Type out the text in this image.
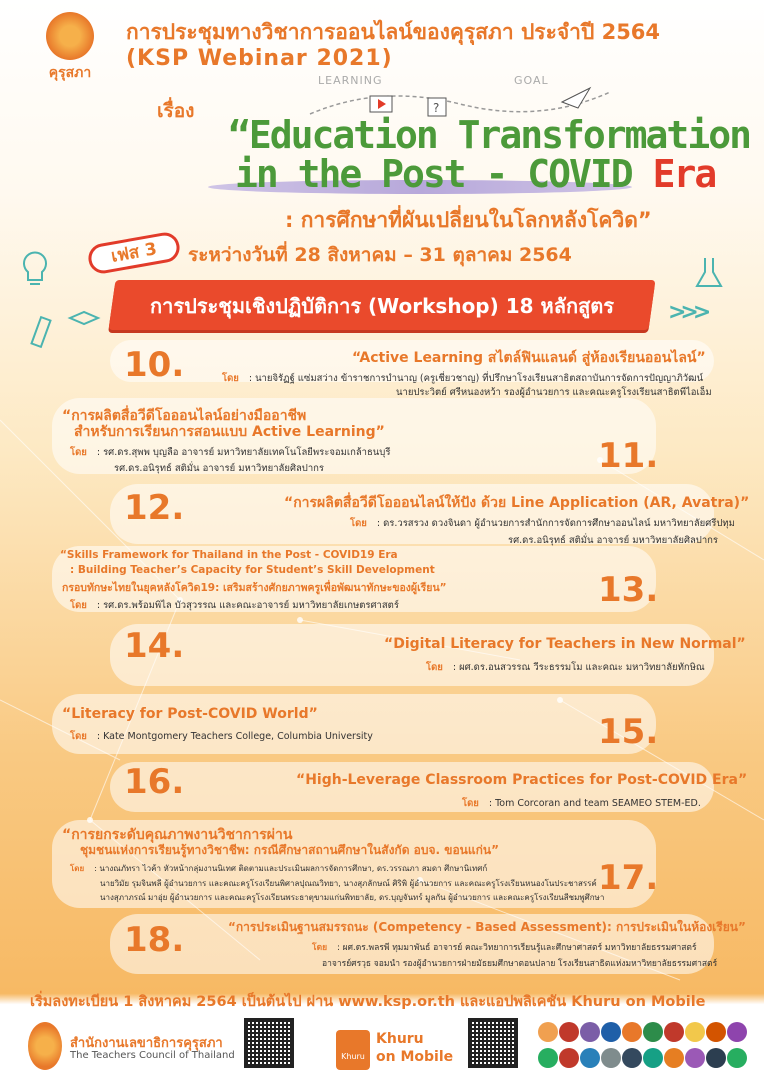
คุรุสภา
การประชุมทางวิชาการออนไลน์ของคุรุสภา ประจำปี 2564
(KSP Webinar 2021)
LEARNING	GOAL
?
เรื่อง
“Education Transformation
in the Post - COVID Era
: การศึกษาที่ผันเปลี่ยนในโลกหลังโควิด”
เฟส 3	ระหว่างวันที่ 28 สิงหาคม – 31 ตุลาคม 2564
การประชุมเชิงปฏิบัติการ (Workshop) 18 หลักสูตร	>>>
10.	“Active Learning สไตล์ฟินแลนด์ สู่ห้องเรียนออนไลน์”
โดย : นายจิรัฏฐ์ แซ่มสว่าง ข้าราชการบำนาญ (ครูเชี่ยวชาญ) ที่ปรึกษาโรงเรียนสาธิตสถาบันการจัดการปัญญาภิวัฒน์
นายประวิตย์ ศรีหนองหว้า รองผู้อำนวยการ และคณะครูโรงเรียนสาธิตพีไอเอ็ม
“การผลิตสื่อวีดีโอออนไลน์อย่างมืออาชีพ
สำหรับการเรียนการสอนแบบ Active Learning”
โดย : รศ.ดร.สุพพ บุญลือ อาจารย์ มหาวิทยาลัยเทคโนโลยีพระจอมเกล้าธนบุรี
รศ.ดร.อนิรุทธ์ สติมั่น อาจารย์ มหาวิทยาลัยศิลปากร	11.
12.	“การผลิตสื่อวีดีโอออนไลน์ให้ปัง ด้วย Line Application (AR, Avatra)”
โดย : ดร.วรสรวง ดวงจินดา ผู้อำนวยการสำนักการจัดการศึกษาออนไลน์ มหาวิทยาลัยศรีปทุม
รศ.ดร.อนิรุทธ์ สติมั่น อาจารย์ มหาวิทยาลัยศิลปากร
“Skills Framework for Thailand in the Post - COVID19 Era
: Building Teacher’s Capacity for Student’s Skill Development
กรอบทักษะไทยในยุคหลังโควิด19: เสริมสร้างศักยภาพครูเพื่อพัฒนาทักษะของผู้เรียน”
โดย : รศ.ดร.พร้อมพิไล บัวสุวรรณ และคณะอาจารย์ มหาวิทยาลัยเกษตรศาสตร์	13.
14.	“Digital Literacy for Teachers in New Normal”
โดย : ผศ.ดร.อนสวรรณ วีระธรรมโม และคณะ มหาวิทยาลัยทักษิณ
“Literacy for Post-COVID World”
โดย : Kate Montgomery Teachers College, Columbia University	15.
16.	“High-Leverage Classroom Practices for Post-COVID Era”
โดย : Tom Corcoran and team SEAMEO STEM-ED.
“การยกระดับคุณภาพงานวิชาการผ่าน
ชุมชนแห่งการเรียนรู้ทางวิชาชีพ: กรณีศึกษาสถานศึกษาในสังกัด อบจ. ขอนแก่น”
โดย : นางณภัทรา ไวค้า หัวหน้ากลุ่มงานนิเทศ ติดตามและประเมินผลการจัดการศึกษา, ดร.วรรณภา สมดา ศึกษานิเทศก์
นายวิมัย รุมจินพลี ผู้อำนวยการ และคณะครูโรงเรียนพิศาลปุณณวิทยา, นางสุภลักษณ์ ศิริพิ ผู้อำนวยการ และคณะครูโรงเรียนหนองโนประชาสรรค์
นางสุภาภรณ์ มาอุ่ย ผู้อำนวยการ และคณะครูโรงเรียนพระธาตุขามแก่นพิทยาลัย, ดร.บุญจันทร์ มูลกัน ผู้อำนวยการ และคณะครูโรงเรียนสีชมพูศึกษา
17.
18.	“การประเมินฐานสมรรถนะ (Competency - Based Assessment): การประเมินในห้องเรียน”
โดย : ผศ.ดร.พลรพี ทุมมาพันธ์ อาจารย์ คณะวิทยาการเรียนรู้และศึกษาศาสตร์ มหาวิทยาลัยธรรมศาสตร์
อาจารย์ศรวุธ จอมนำ รองผู้อำนวยการฝ่ายมัธยมศึกษาตอนปลาย โรงเรียนสาธิตแห่งมหาวิทยาลัยธรรมศาสตร์
เริ่มลงทะเบียน 1 สิงหาคม 2564 เป็นต้นไป ผ่าน www.ksp.or.th และแอปพลิเคชัน Khuru on Mobile
สำนักงานเลขาธิการคุรุสภา
The Teachers Council of Thailand	Khuru
Khuru
on Mobile
